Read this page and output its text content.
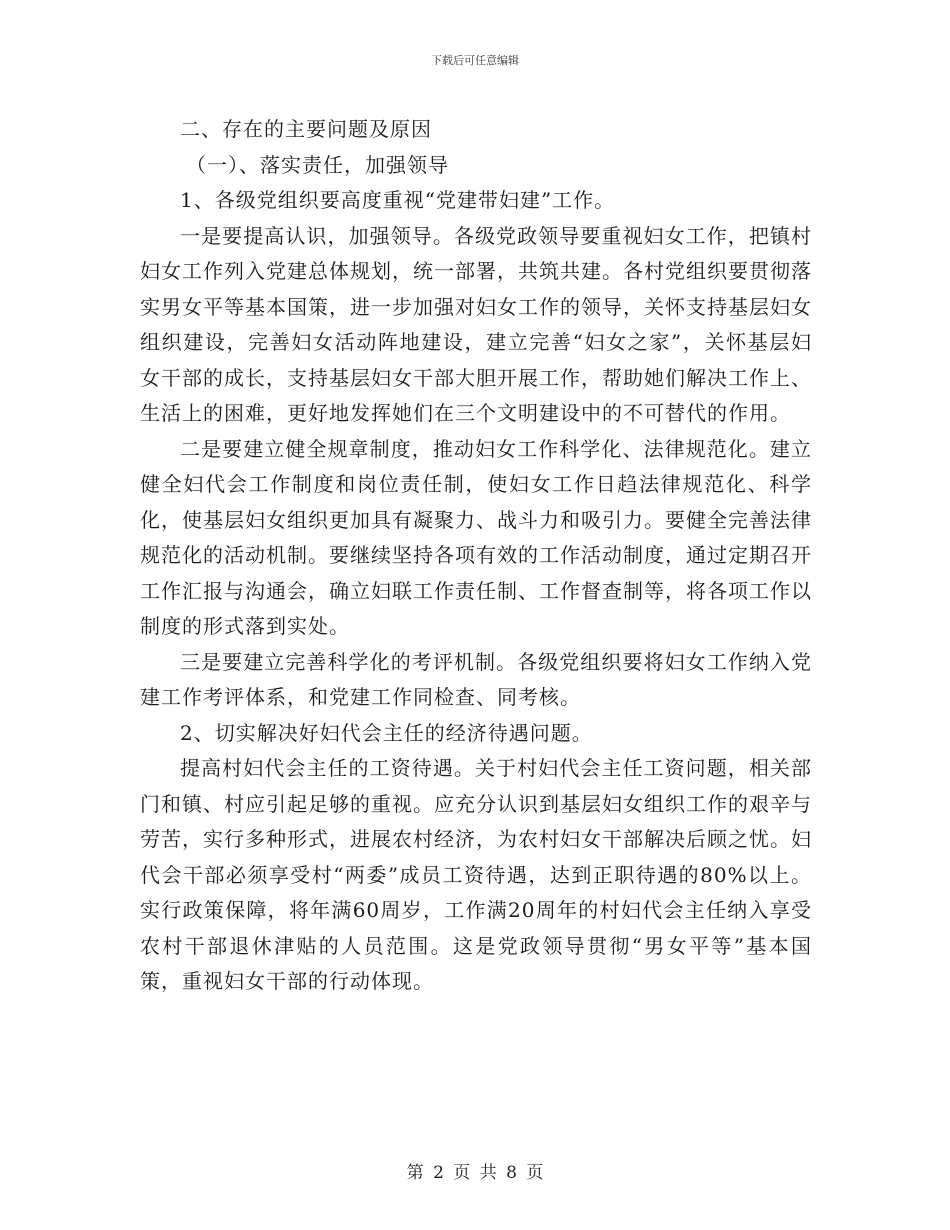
下载后可任意编辑

二、存在的主要问题及原因

（一）、落实责任，加强领导

1、各级党组织要高度重视“党建带妇建”工作。

一是要提高认识，加强领导。各级党政领导要重视妇女工作，把镇村妇女工作列入党建总体规划，统一部署，共筑共建。各村党组织要贯彻落实男女平等基本国策，进一步加强对妇女工作的领导，关怀支持基层妇女组织建设，完善妇女活动阵地建设，建立完善“妇女之家”，关怀基层妇女干部的成长，支持基层妇女干部大胆开展工作，帮助她们解决工作上、生活上的困难，更好地发挥她们在三个文明建设中的不可替代的作用。

二是要建立健全规章制度，推动妇女工作科学化、法律规范化。建立健全妇代会工作制度和岗位责任制，使妇女工作日趋法律规范化、科学化，使基层妇女组织更加具有凝聚力、战斗力和吸引力。要健全完善法律规范化的活动机制。要继续坚持各项有效的工作活动制度，通过定期召开工作汇报与沟通会，确立妇联工作责任制、工作督查制等，将各项工作以制度的形式落到实处。

三是要建立完善科学化的考评机制。各级党组织要将妇女工作纳入党建工作考评体系，和党建工作同检查、同考核。

2、切实解决好妇代会主任的经济待遇问题。

提高村妇代会主任的工资待遇。关于村妇代会主任工资问题，相关部门和镇、村应引起足够的重视。应充分认识到基层妇女组织工作的艰辛与劳苦，实行多种形式，进展农村经济，为农村妇女干部解决后顾之忧。妇代会干部必须享受村“两委”成员工资待遇，达到正职待遇的80%以上。实行政策保障，将年满60周岁，工作满20周年的村妇代会主任纳入享受农村干部退休津贴的人员范围。这是党政领导贯彻“男女平等”基本国策，重视妇女干部的行动体现。

第 2 页 共 8 页
